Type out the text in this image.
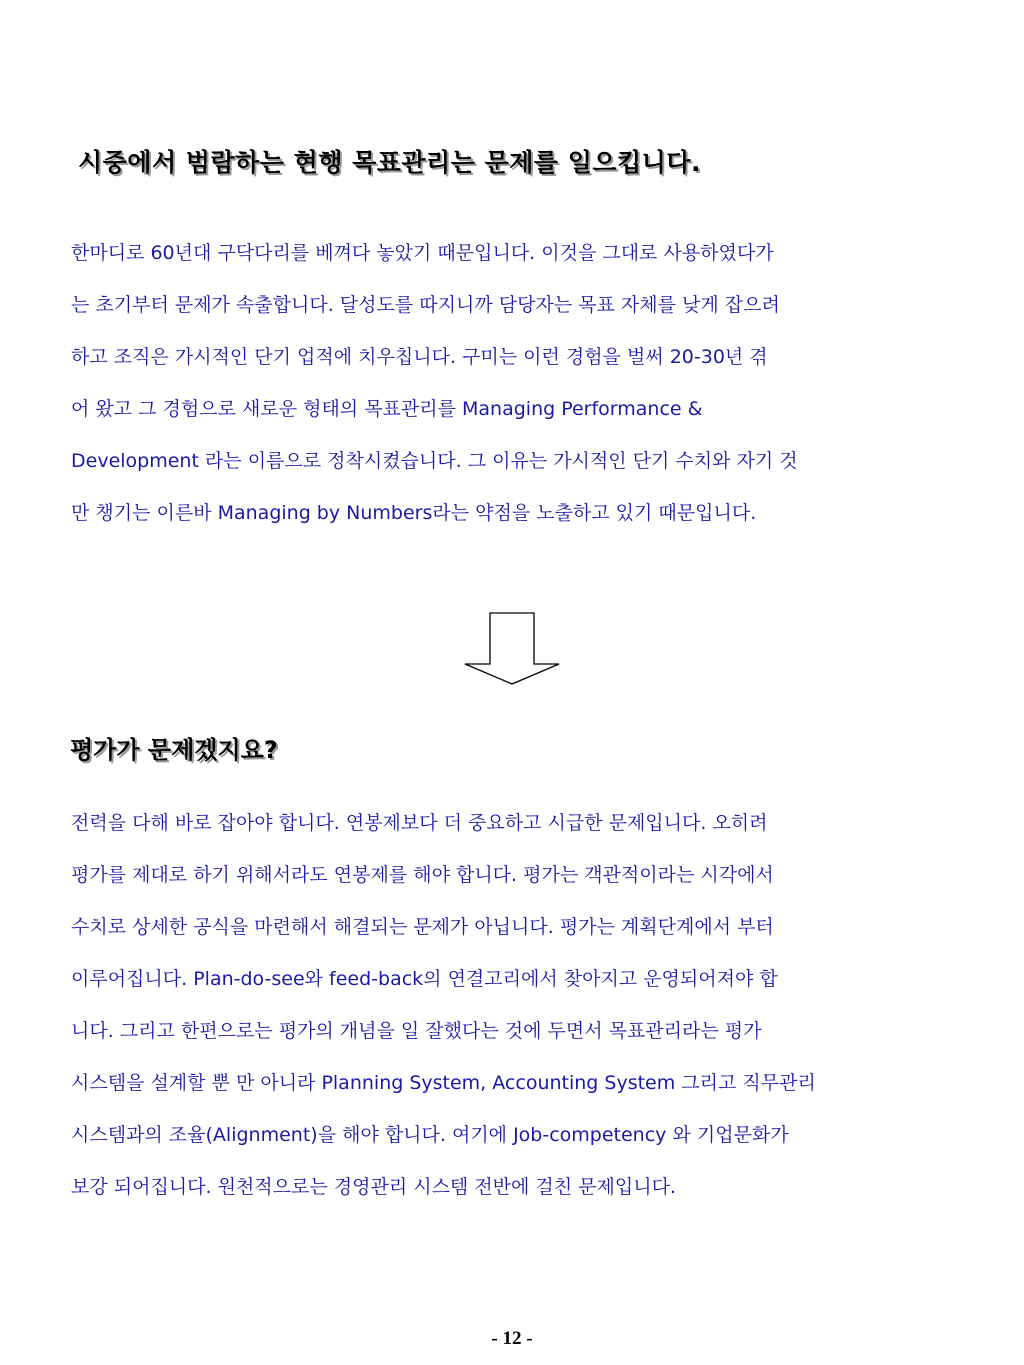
시중에서 범람하는 현행 목표관리는 문제를 일으킵니다.
한마디로 60년대 구닥다리를 베껴다 놓았기 때문입니다. 이것을 그대로 사용하였다가
는 초기부터 문제가 속출합니다. 달성도를 따지니까 담당자는 목표 자체를 낮게 잡으려
하고 조직은 가시적인 단기 업적에 치우칩니다. 구미는 이런 경험을 벌써 20-30년 겪
어 왔고 그 경험으로 새로운 형태의 목표관리를 Managing Performance &
Development 라는 이름으로 정착시켰습니다. 그 이유는 가시적인 단기 수치와 자기 것
만 챙기는 이른바 Managing by Numbers라는 약점을 노출하고 있기 때문입니다.
평가가 문제겠지요?
전력을 다해 바로 잡아야 합니다. 연봉제보다 더 중요하고 시급한 문제입니다. 오히려
평가를 제대로 하기 위해서라도 연봉제를 해야 합니다. 평가는 객관적이라는 시각에서
수치로 상세한 공식을 마련해서 해결되는 문제가 아닙니다. 평가는 계획단계에서 부터
이루어집니다. Plan-do-see와 feed-back의 연결고리에서 찾아지고 운영되어져야 합
니다. 그리고 한편으로는 평가의 개념을 일 잘했다는 것에 두면서 목표관리라는 평가
시스템을 설계할 뿐 만 아니라 Planning System, Accounting System 그리고 직무관리
시스템과의 조율(Alignment)을 해야 합니다. 여기에 Job-competency 와 기업문화가
보강 되어집니다. 원천적으로는 경영관리 시스템 전반에 걸친 문제입니다.
- 12 -
